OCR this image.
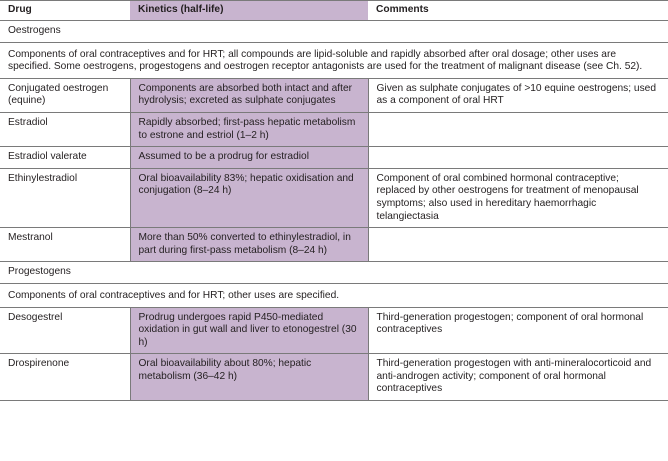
Drug	Kinetics (half-life)	Comments
Oestrogens		
Components of oral contraceptives and for HRT; all compounds are lipid-soluble and rapidly absorbed after oral dosage; other uses are specified. Some oestrogens, progestogens and oestrogen receptor antagonists are used for the treatment of malignant disease (see Ch. 52).		
Conjugated oestrogen (equine)	Components are absorbed both intact and after hydrolysis; excreted as sulphate conjugates	Given as sulphate conjugates of >10 equine oestrogens; used as a component of oral HRT
Estradiol	Rapidly absorbed; first-pass hepatic metabolism to estrone and estriol (1–2 h)	
Estradiol valerate	Assumed to be a prodrug for estradiol	
Ethinylestradiol	Oral bioavailability 83%; hepatic oxidisation and conjugation (8–24 h)	Component of oral combined hormonal contraceptive; replaced by other oestrogens for treatment of menopausal symptoms; also used in hereditary haemorrhagic telangiectasia
Mestranol	More than 50% converted to ethinylestradiol, in part during first-pass metabolism (8–24 h)	
Progestogens		
Components of oral contraceptives and for HRT; other uses are specified.		
Desogestrel	Prodrug undergoes rapid P450-mediated oxidation in gut wall and liver to etonogestrel (30 h)	Third-generation progestogen; component of oral hormonal contraceptives
Drospirenone	Oral bioavailability about 80%; hepatic metabolism (36–42 h)	Third-generation progestogen with anti-mineralocorticoid and anti-androgen activity; component of oral hormonal contraceptives
